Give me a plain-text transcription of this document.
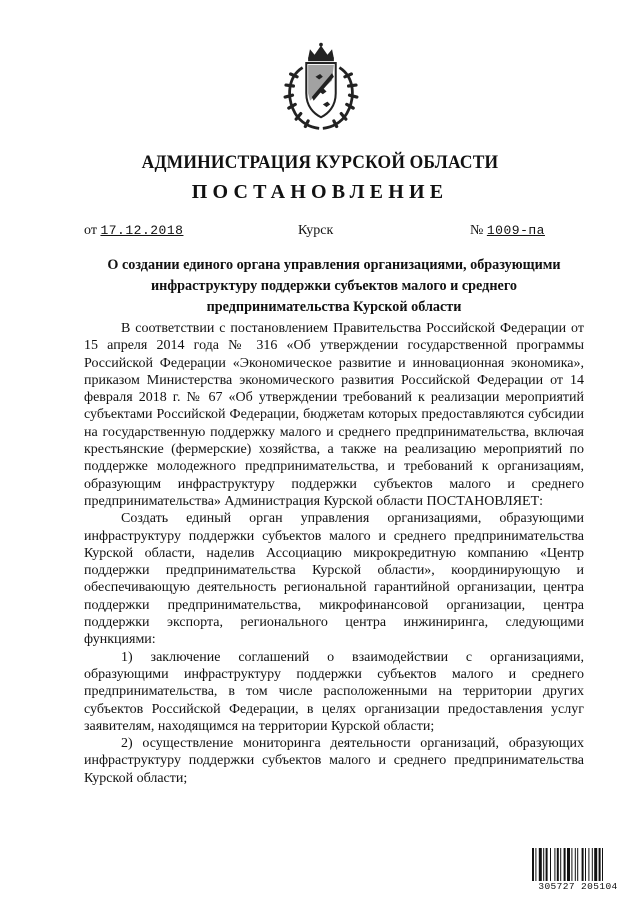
АДМИНИСТРАЦИЯ КУРСКОЙ ОБЛАСТИ
ПОСТАНОВЛЕНИЕ
от 17.12.2018	Курск	№ 1009-па
О создании единого органа управления организациями, образующими инфраструктуру поддержки субъектов малого и среднего предпринимательства Курской области

В соответствии с постановлением Правительства Российской Федерации от 15 апреля 2014 года № 316 «Об утверждении государственной программы Российской Федерации «Экономическое развитие и инновационная экономика», приказом Министерства экономического развития Российской Федерации от 14 февраля 2018 г. № 67 «Об утверждении требований к реализации мероприятий субъектами Российской Федерации, бюджетам которых предоставляются субсидии на государственную поддержку малого и среднего предпринимательства, включая крестьянские (фермерские) хозяйства, а также на реализацию мероприятий по поддержке молодежного предпринимательства, и требований к организациям, образующим инфраструктуру поддержки субъектов малого и среднего предпринимательства» Администрация Курской области ПОСТАНОВЛЯЕТ:

Создать единый орган управления организациями, образующими инфраструктуру поддержки субъектов малого и среднего предпринимательства Курской области, наделив Ассоциацию микрокредитную компанию «Центр поддержки предпринимательства Курской области», координирующую и обеспечивающую деятельность региональной гарантийной организации, центра поддержки предпринимательства, микрофинансовой организации, центра поддержки экспорта, регионального центра инжиниринга, следующими функциями:

1) заключение соглашений о взаимодействии с организациями, образующими инфраструктуру поддержки субъектов малого и среднего предпринимательства, в том числе расположенными на территории других субъектов Российской Федерации, в целях организации предоставления услуг заявителям, находящимся на территории Курской области;

2) осуществление мониторинга деятельности организаций, образующих инфраструктуру поддержки субъектов малого и среднего предпринимательства Курской области;

305727 205104
